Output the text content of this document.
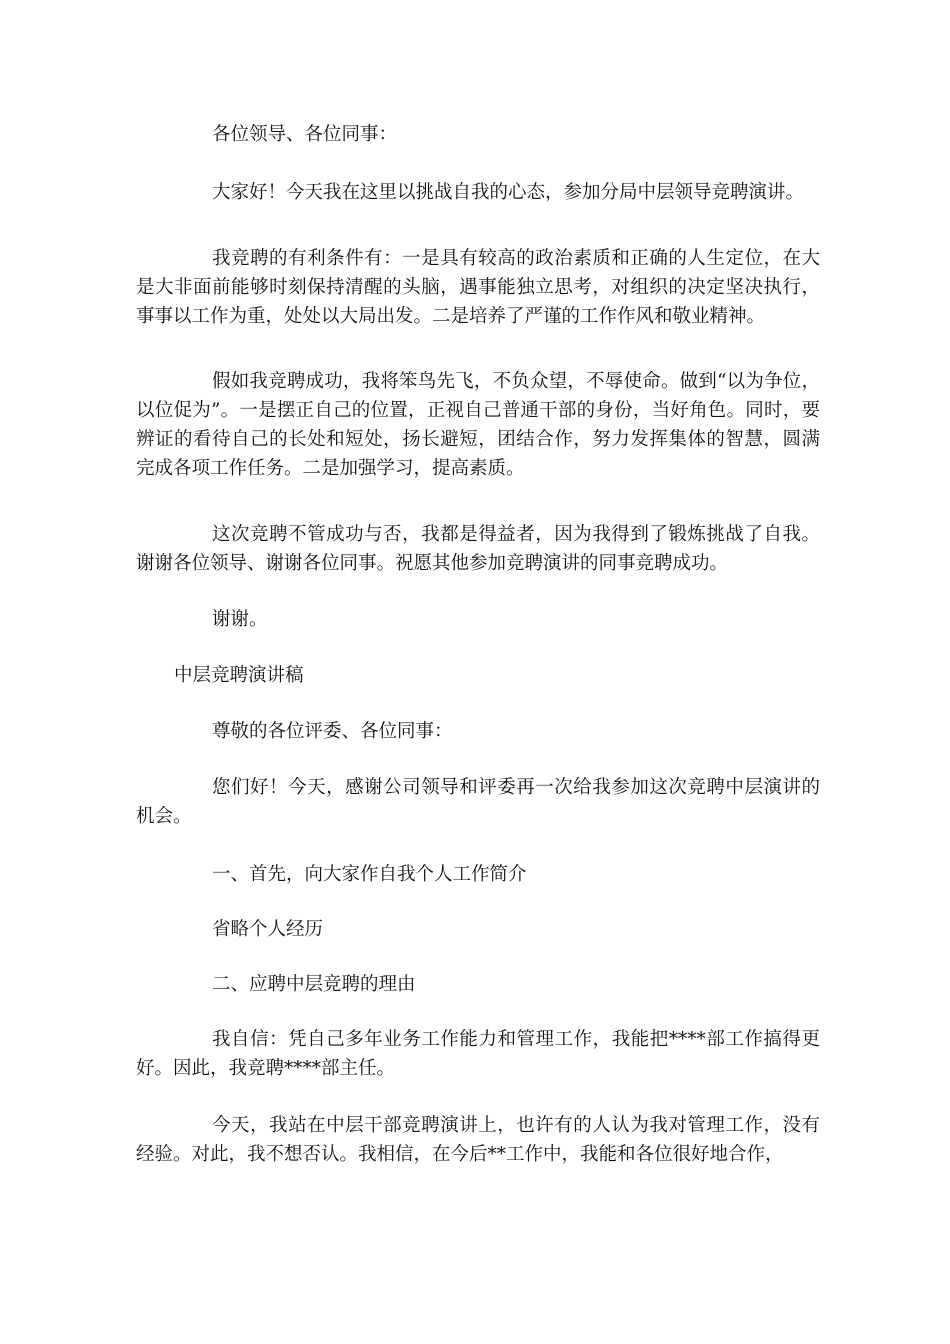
各位领导、各位同事：

大家好！今天我在这里以挑战自我的心态，参加分局中层领导竞聘演讲。

我竞聘的有利条件有：一是具有较高的政治素质和正确的人生定位，在大是大非面前能够时刻保持清醒的头脑，遇事能独立思考，对组织的决定坚决执行，事事以工作为重，处处以大局出发。二是培养了严谨的工作作风和敬业精神。

假如我竞聘成功，我将笨鸟先飞，不负众望，不辱使命。做到“以为争位，以位促为”。一是摆正自己的位置，正视自己普通干部的身份，当好角色。同时，要辨证的看待自己的长处和短处，扬长避短，团结合作，努力发挥集体的智慧，圆满完成各项工作任务。二是加强学习，提高素质。

这次竞聘不管成功与否，我都是得益者，因为我得到了锻炼挑战了自我。谢谢各位领导、谢谢各位同事。祝愿其他参加竞聘演讲的同事竞聘成功。

谢谢。

中层竞聘演讲稿

尊敬的各位评委、各位同事：

您们好！今天，感谢公司领导和评委再一次给我参加这次竞聘中层演讲的机会。

一、首先，向大家作自我个人工作简介

省略个人经历

二、应聘中层竞聘的理由

我自信：凭自己多年业务工作能力和管理工作，我能把****部工作搞得更好。因此，我竞聘****部主任。

今天，我站在中层干部竞聘演讲上，也许有的人认为我对管理工作，没有经验。对此，我不想否认。我相信，在今后**工作中，我能和各位很好地合作，
